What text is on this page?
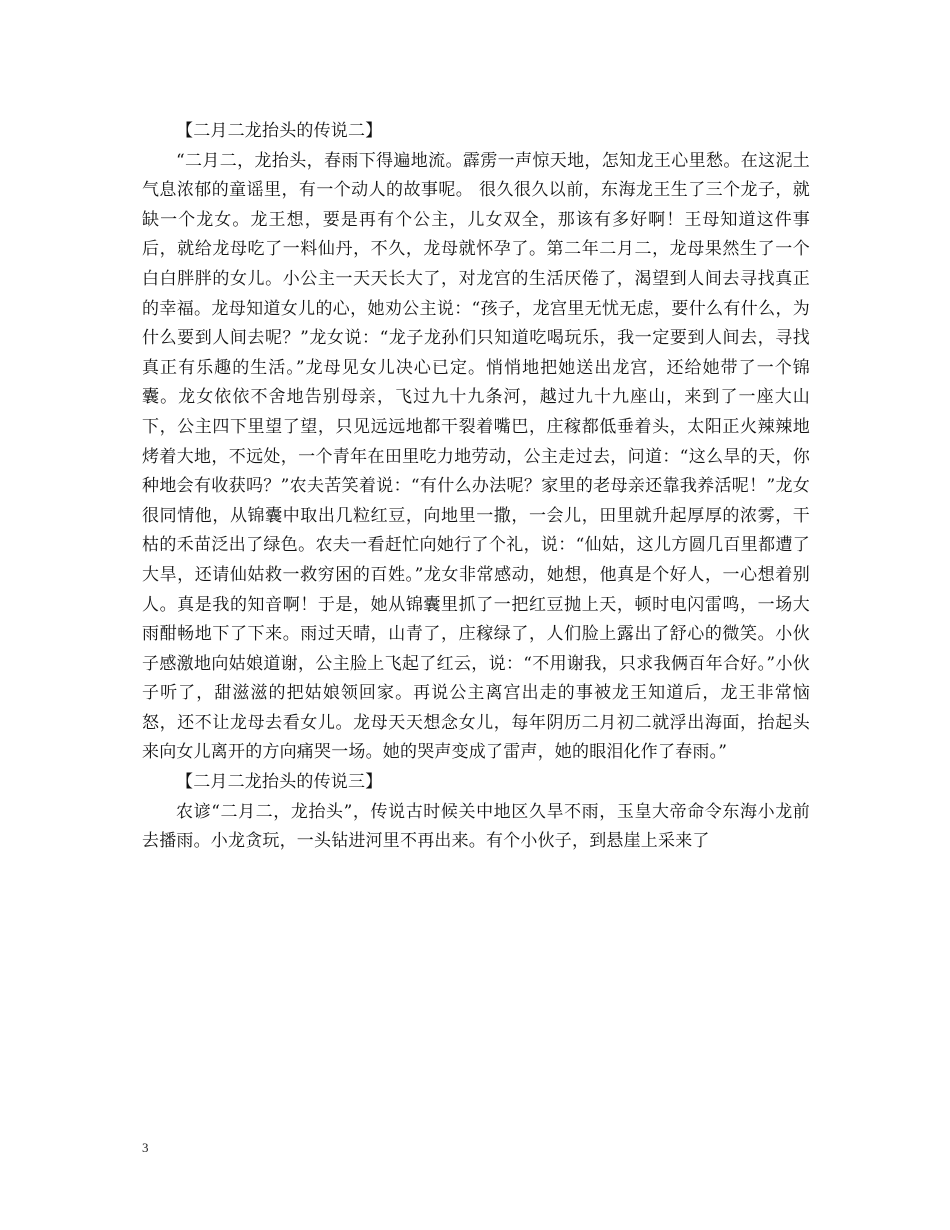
【二月二龙抬头的传说二】

“二月二，龙抬头，春雨下得遍地流。霹雳一声惊天地，怎知龙王心里愁。在这泥土气息浓郁的童谣里，有一个动人的故事呢。 很久很久以前，东海龙王生了三个龙子，就缺一个龙女。龙王想，要是再有个公主，儿女双全，那该有多好啊！王母知道这件事后，就给龙母吃了一料仙丹，不久，龙母就怀孕了。第二年二月二，龙母果然生了一个白白胖胖的女儿。小公主一天天长大了，对龙宫的生活厌倦了，渴望到人间去寻找真正的幸福。龙母知道女儿的心，她劝公主说：“孩子，龙宫里无忧无虑，要什么有什么，为什么要到人间去呢？”龙女说：“龙子龙孙们只知道吃喝玩乐，我一定要到人间去，寻找真正有乐趣的生活。”龙母见女儿决心已定。悄悄地把她送出龙宫，还给她带了一个锦囊。龙女依依不舍地告别母亲，飞过九十九条河，越过九十九座山，来到了一座大山下，公主四下里望了望，只见远远地都干裂着嘴巴，庄稼都低垂着头，太阳正火辣辣地烤着大地，不远处，一个青年在田里吃力地劳动，公主走过去，问道：“这么旱的天，你种地会有收获吗？”农夫苦笑着说：“有什么办法呢？家里的老母亲还靠我养活呢！”龙女很同情他，从锦囊中取出几粒红豆，向地里一撒，一会儿，田里就升起厚厚的浓雾，干枯的禾苗泛出了绿色。农夫一看赶忙向她行了个礼，说：“仙姑，这儿方圆几百里都遭了大旱，还请仙姑救一救穷困的百姓。”龙女非常感动，她想，他真是个好人，一心想着别人。真是我的知音啊！于是，她从锦囊里抓了一把红豆抛上天，顿时电闪雷鸣，一场大雨酣畅地下了下来。雨过天晴，山青了，庄稼绿了，人们脸上露出了舒心的微笑。小伙子感激地向姑娘道谢，公主脸上飞起了红云，说：“不用谢我，只求我俩百年合好。”小伙子听了，甜滋滋的把姑娘领回家。再说公主离宫出走的事被龙王知道后，龙王非常恼怒，还不让龙母去看女儿。龙母天天想念女儿，每年阴历二月初二就浮出海面，抬起头来向女儿离开的方向痛哭一场。她的哭声变成了雷声，她的眼泪化作了春雨。”

【二月二龙抬头的传说三】

农谚“二月二，龙抬头”，传说古时候关中地区久旱不雨，玉皇大帝命令东海小龙前去播雨。小龙贪玩，一头钻进河里不再出来。有个小伙子，到悬崖上采来了

3
